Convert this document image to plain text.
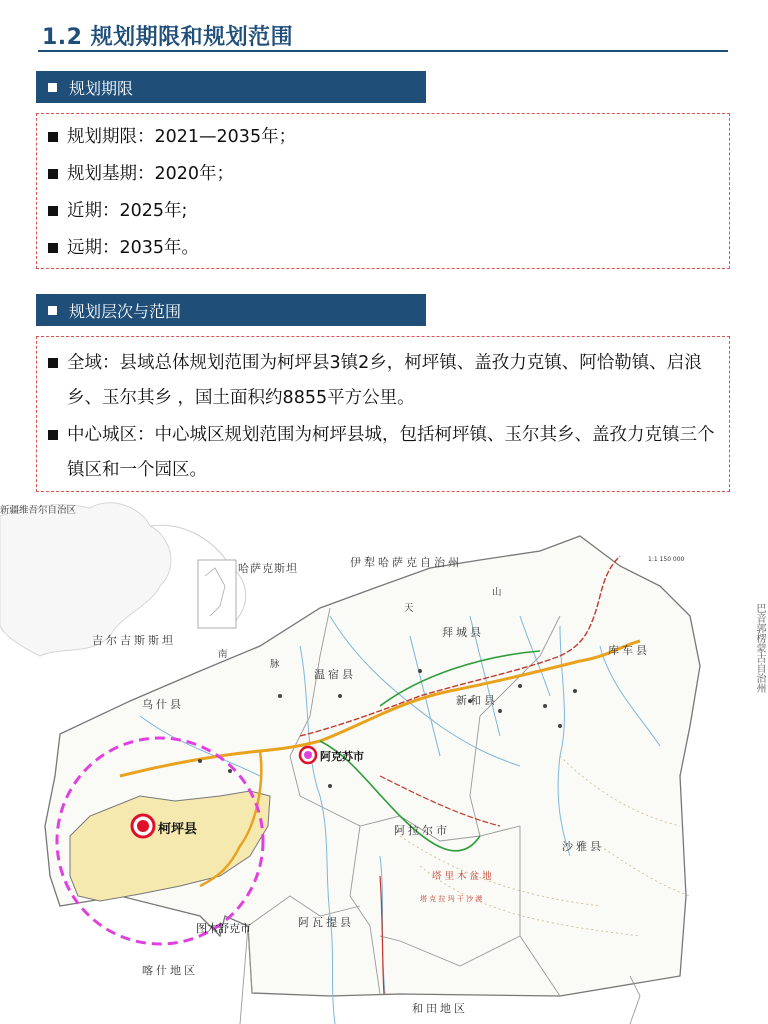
1.2 规划期限和规划范围
规划期限
规划期限：2021—2035年；
规划基期：2020年；
近期：2025年;
远期：2035年。
规划层次与范围
全域：县域总体规划范围为柯坪县3镇2乡，柯坪镇、盖孜力克镇、阿恰勒镇、启浪乡、玉尔其乡 ，国土面积约8855平方公里。
中心城区：中心城区规划范围为柯坪县城，包括柯坪镇、玉尔其乡、盖孜力克镇三个镇区和一个园区。
新疆维吾尔自治区
哈萨克斯坦	伊犁哈萨克自治州	1:1 150 000
吉尔吉斯斯坦
拜城县
库车县
温宿县
乌什县	新和县
阿克苏市
柯坪县	阿拉尔市
沙雅县
塔 里 木 盆 地
塔 克 拉 玛 干 沙 漠
阿瓦提县
图木舒克市
喀什地区
和田地区
天
山
南
脉	巴音郭楞蒙古自治州
